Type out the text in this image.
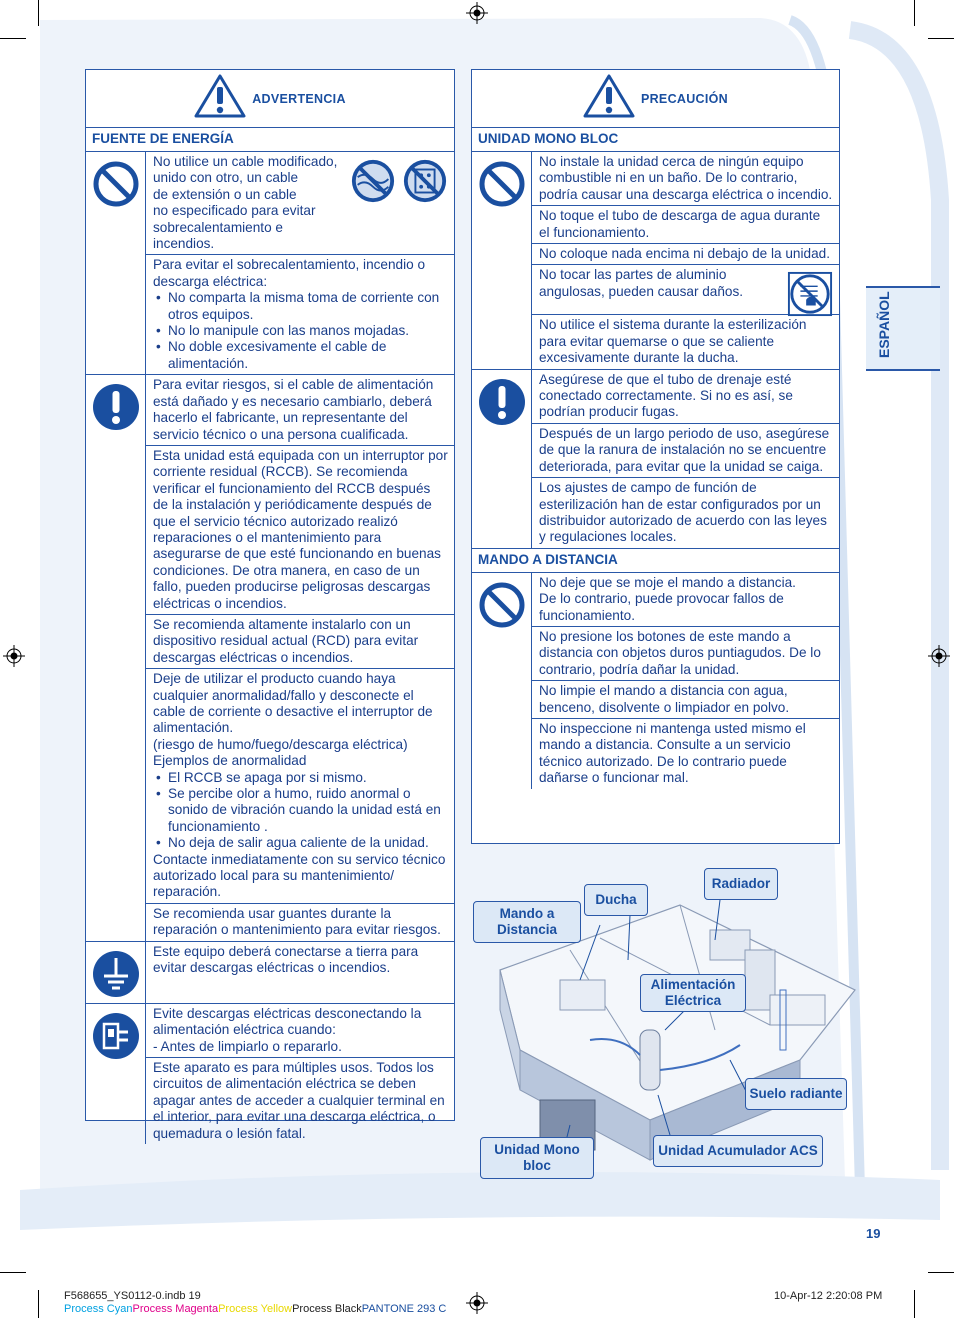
ESPAÑOL
ADVERTENCIA
FUENTE DE ENERGÍA
No utilice un cable modificado,
unido con otro, un cable
de extensión o un cable
no especificado para evitar
sobrecalentamiento e incendios.
Para evitar el sobrecalentamiento, incendio o descarga eléctrica:
• No comparta la misma toma de corriente con otros equipos.
• No lo manipule con las manos mojadas.
• No doble excesivamente el cable de alimentación.
Para evitar riesgos, si el cable de alimentación está dañado y es necesario cambiarlo, deberá hacerlo el fabricante, un representante del servicio técnico o una persona cualificada.
Esta unidad está equipada con un interruptor por corriente residual (RCCB). Se recomienda verificar el funcionamiento del RCCB después de la instalación y periódicamente después de que el servicio técnico autorizado realizó reparaciones o el mantenimiento para asegurarse de que esté funcionando en buenas condiciones. De otra manera, en caso de un fallo, pueden producirse peligrosas descargas eléctricas o incendios.
Se recomienda altamente instalarlo con un dispositivo residual actual (RCD) para evitar descargas eléctricas o incendios.
Deje de utilizar el producto cuando haya cualquier anormalidad/fallo y desconecte el cable de corriente o desactive el interruptor de alimentación.
(riesgo de humo/fuego/descarga eléctrica)
Ejemplos de anormalidad
• El RCCB se apaga por si mismo.
• Se percibe olor a humo, ruido anormal o sonido de vibración cuando la unidad está en funcionamiento .
• No deja de salir agua caliente de la unidad.
Contacte inmediatamente con su servico técnico autorizado local para su mantenimiento/ reparación.
Se recomienda usar guantes durante la reparación o mantenimiento para evitar riesgos.
Este equipo deberá conectarse a tierra para evitar descargas eléctricas o incendios.
Evite descargas eléctricas desconectando la alimentación eléctrica cuando:
- Antes de limpiarlo o repararlo.
Este aparato es para múltiples usos. Todos los circuitos de alimentación eléctrica se deben apagar antes de acceder a cualquier terminal en el interior, para evitar una descarga eléctrica, o quemadura o lesión fatal.
PRECAUCIÓN
UNIDAD MONO BLOC
No instale la unidad cerca de ningún equipo combustible ni en un baño. De lo contrario, podría causar una descarga eléctrica o incendio.
No toque el tubo de descarga de agua durante el funcionamiento.
No coloque nada encima ni debajo de la unidad.
No tocar las partes de aluminio
angulosas, pueden causar daños.
No utilice el sistema durante la esterilización para evitar quemarse o que se caliente excesivamente durante la ducha.
Asegúrese de que el tubo de drenaje esté conectado correctamente. Si no es así, se podrían producir fugas.
Después de un largo periodo de uso, asegúrese de que la ranura de instalación no se encuentre deteriorada, para evitar que la unidad se caiga.
Los ajustes de campo de función de esterilización han de estar configurados por un distribuidor autorizado de acuerdo con las leyes y regulaciones locales.
MANDO A DISTANCIA
No deje que se moje el mando a distancia.
De lo contrario, puede provocar fallos de funcionamiento.
No presione los botones de este mando a distancia con objetos duros puntiagudos. De lo contrario, podría dañar la unidad.
No limpie el mando a distancia con agua, benceno, disolvente o limpiador en polvo.
No inspeccione ni mantenga usted mismo el mando a distancia. Consulte a un servicio técnico autorizado. De lo contrario puede dañarse o funcionar mal.
Radiador
Ducha
Mando a Distancia
Alimentación Eléctrica
Suelo radiante
Unidad Mono bloc
Unidad Acumulador ACS
19
F568655_YS0112-0.indb 19	10-Apr-12 2:20:08 PM
Process CyanProcess MagentaProcess YellowProcess BlackPANTONE 293 C
